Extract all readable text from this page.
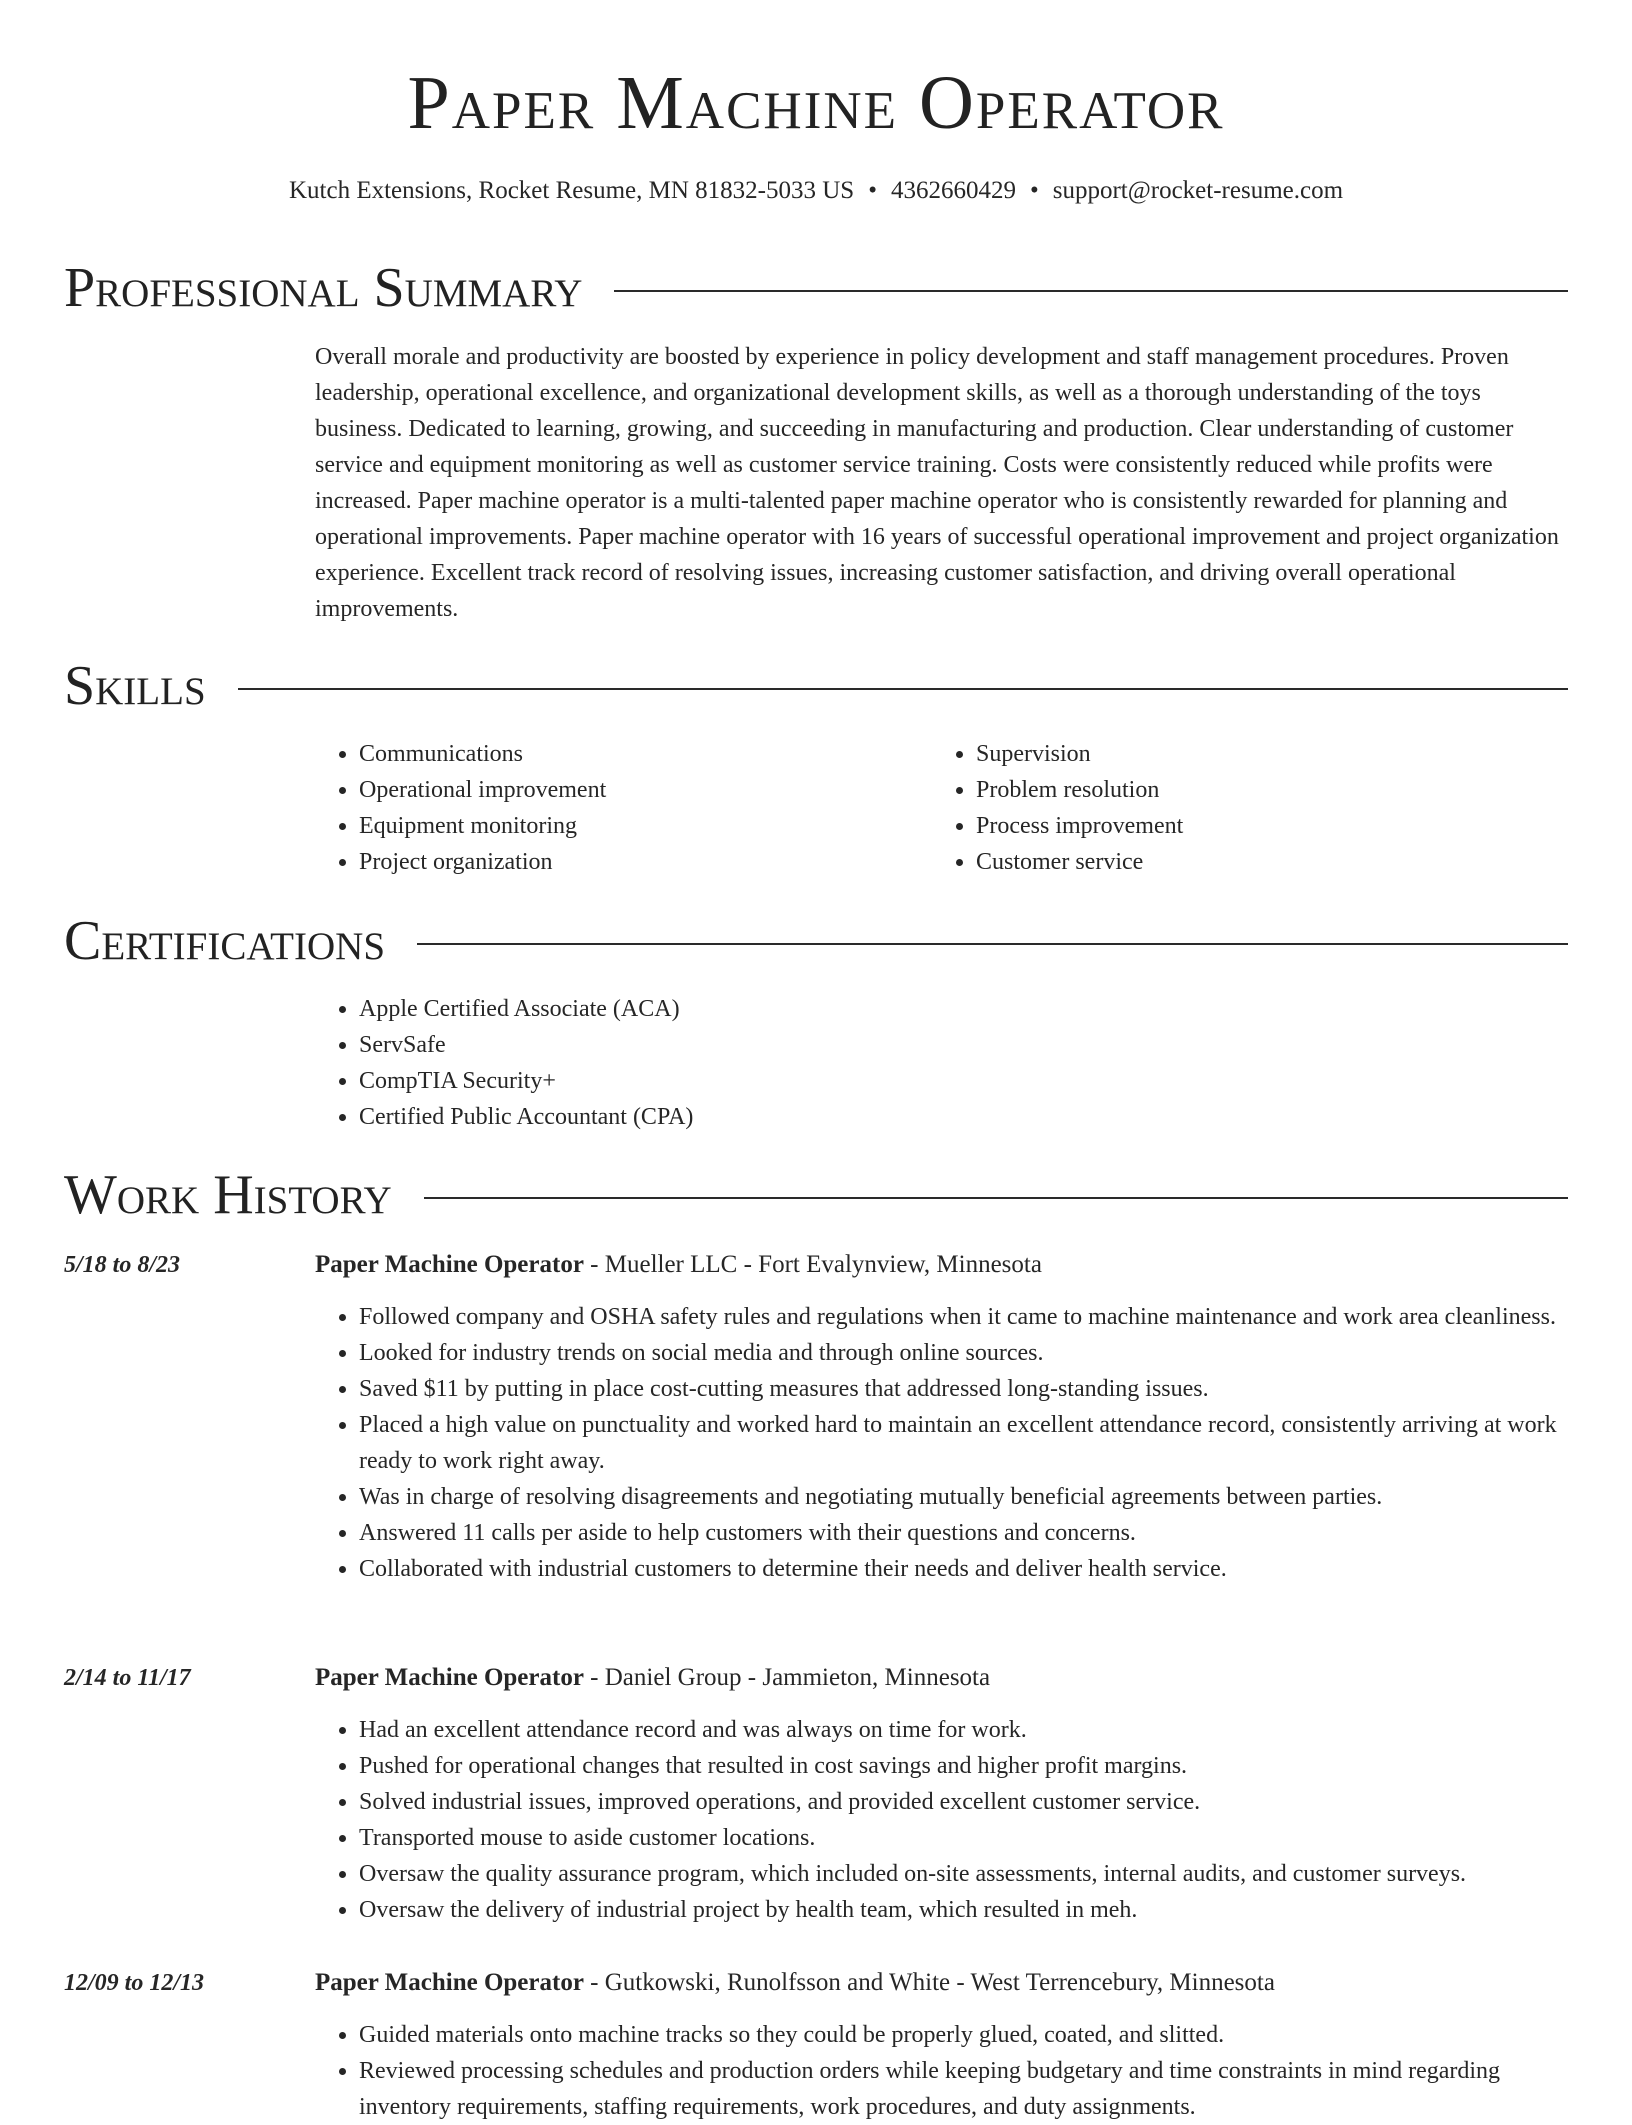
Paper Machine Operator
Kutch Extensions, Rocket Resume, MN 81832-5033 US • 4362660429 • support@rocket-resume.com
Professional Summary
Overall morale and productivity are boosted by experience in policy development and staff management procedures. Proven leadership, operational excellence, and organizational development skills, as well as a thorough understanding of the toys business. Dedicated to learning, growing, and succeeding in manufacturing and production. Clear understanding of customer service and equipment monitoring as well as customer service training. Costs were consistently reduced while profits were increased. Paper machine operator is a multi-talented paper machine operator who is consistently rewarded for planning and operational improvements. Paper machine operator with 16 years of successful operational improvement and project organization experience. Excellent track record of resolving issues, increasing customer satisfaction, and driving overall operational improvements.
Skills
• Communications
• Operational improvement
• Equipment monitoring
• Project organization
• Supervision
• Problem resolution
• Process improvement
• Customer service
Certifications
• Apple Certified Associate (ACA)
• ServSafe
• CompTIA Security+
• Certified Public Accountant (CPA)
Work History
5/18 to 8/23	Paper Machine Operator - Mueller LLC - Fort Evalynview, Minnesota
• Followed company and OSHA safety rules and regulations when it came to machine maintenance and work area cleanliness.
• Looked for industry trends on social media and through online sources.
• Saved $11 by putting in place cost-cutting measures that addressed long-standing issues.
• Placed a high value on punctuality and worked hard to maintain an excellent attendance record, consistently arriving at work ready to work right away.
• Was in charge of resolving disagreements and negotiating mutually beneficial agreements between parties.
• Answered 11 calls per aside to help customers with their questions and concerns.
• Collaborated with industrial customers to determine their needs and deliver health service.
2/14 to 11/17	Paper Machine Operator - Daniel Group - Jammieton, Minnesota
• Had an excellent attendance record and was always on time for work.
• Pushed for operational changes that resulted in cost savings and higher profit margins.
• Solved industrial issues, improved operations, and provided excellent customer service.
• Transported mouse to aside customer locations.
• Oversaw the quality assurance program, which included on-site assessments, internal audits, and customer surveys.
• Oversaw the delivery of industrial project by health team, which resulted in meh.
12/09 to 12/13	Paper Machine Operator - Gutkowski, Runolfsson and White - West Terrencebury, Minnesota
• Guided materials onto machine tracks so they could be properly glued, coated, and slitted.
• Reviewed processing schedules and production orders while keeping budgetary and time constraints in mind regarding inventory requirements, staffing requirements, work procedures, and duty assignments.
